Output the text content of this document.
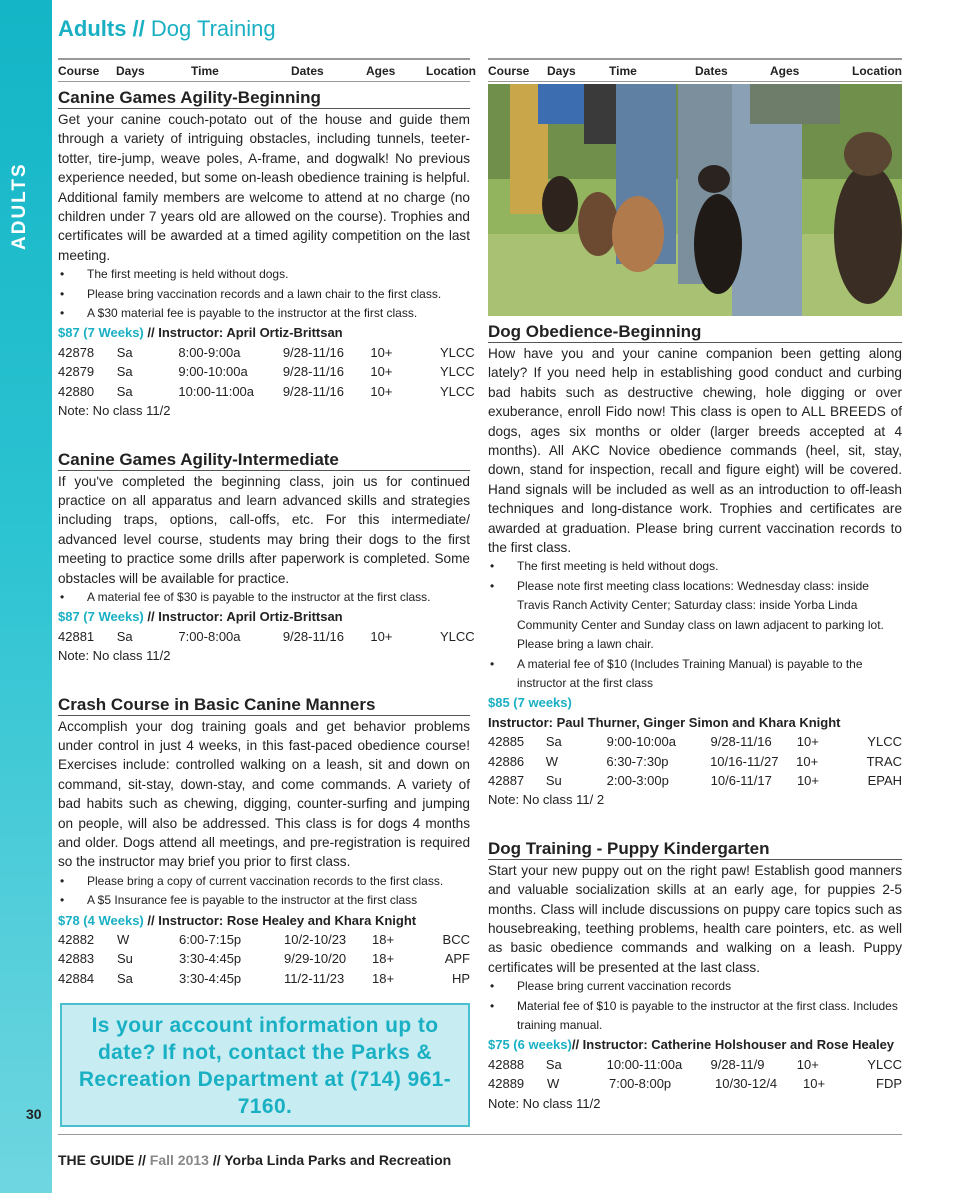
ADULTS
30
Adults // Dog Training
Course	Days	Time	Dates	Ages	Location
Canine Games Agility-Beginning
Get your canine couch-potato out of the house and guide them through a variety of intriguing obstacles, including tunnels, teeter-totter, tire-jump, weave poles, A-frame, and dogwalk! No previous experience needed, but some on-leash obedience training is helpful. Additional family members are welcome to attend at no charge (no children under 7 years old are allowed on the course). Trophies and certificates will be awarded at a timed agility competition on the last meeting.
• The first meeting is held without dogs.
• Please bring vaccination records and a lawn chair to the first class.
• A $30 material fee is payable to the instructor at the first class.
$87 (7 Weeks) // Instructor: April Ortiz-Brittsan
42878	Sa	8:00-9:00a	9/28-11/16	10+	YLCC
42879	Sa	9:00-10:00a	9/28-11/16	10+	YLCC
42880	Sa	10:00-11:00a	9/28-11/16	10+	YLCC
Note: No class 11/2
Canine Games Agility-Intermediate
If you've completed the beginning class, join us for continued practice on all apparatus and learn advanced skills and strategies including traps, options, call-offs, etc. For this intermediate/ advanced level course, students may bring their dogs to the first meeting to practice some drills after paperwork is completed. Some obstacles will be available for practice.
• A material fee of $30 is payable to the instructor at the first class.
$87 (7 Weeks) // Instructor: April Ortiz-Brittsan
42881	Sa	7:00-8:00a	9/28-11/16	10+	YLCC
Note: No class 11/2
Crash Course in Basic Canine Manners
Accomplish your dog training goals and get behavior problems under control in just 4 weeks, in this fast-paced obedience course! Exercises include: controlled walking on a leash, sit and down on command, sit-stay, down-stay, and come commands. A variety of bad habits such as chewing, digging, counter-surfing and jumping on people, will also be addressed. This class is for dogs 4 months and older. Dogs attend all meetings, and pre-registration is required so the instructor may brief you prior to first class.
• Please bring a copy of current vaccination records to the first class.
• A $5 Insurance fee is payable to the instructor at the first class
$78 (4 Weeks) // Instructor: Rose Healey and Khara Knight
42882	W	6:00-7:15p	10/2-10/23	18+	BCC
42883	Su	3:30-4:45p	9/29-10/20	18+	APF
42884	Sa	3:30-4:45p	11/2-11/23	18+	HP
Is your account information up to date? If not, contact the Parks & Recreation Department at (714) 961-7160.
Course	Days	Time	Dates	Ages	Location
Dog Obedience-Beginning
How have you and your canine companion been getting along lately? If you need help in establishing good conduct and curbing bad habits such as destructive chewing, hole digging or over exuberance, enroll Fido now! This class is open to ALL BREEDS of dogs, ages six months or older (larger breeds accepted at 4 months). All AKC Novice obedience commands (heel, sit, stay, down, stand for inspection, recall and figure eight) will be covered. Hand signals will be included as well as an introduction to off-leash techniques and long-distance work. Trophies and certificates are awarded at graduation. Please bring current vaccination records to the first class.
• The first meeting is held without dogs.
• Please note first meeting class locations: Wednesday class: inside Travis Ranch Activity Center; Saturday class: inside Yorba Linda Community Center and Sunday class on lawn adjacent to parking lot. Please bring a lawn chair.
• A material fee of $10 (Includes Training Manual) is payable to the instructor at the first class
$85 (7 weeks)
Instructor: Paul Thurner, Ginger Simon and Khara Knight
42885	Sa	9:00-10:00a	9/28-11/16	10+	YLCC
42886	W	6:30-7:30p	10/16-11/27	10+	TRAC
42887	Su	2:00-3:00p	10/6-11/17	10+	EPAH
Note: No class 11/ 2
Dog Training - Puppy Kindergarten
Start your new puppy out on the right paw! Establish good manners and valuable socialization skills at an early age, for puppies 2-5 months. Class will include discussions on puppy care topics such as housebreaking, teething problems, health care pointers, etc. as well as basic obedience commands and walking on a leash. Puppy certificates will be presented at the last class.
• Please bring current vaccination records
• Material fee of $10 is payable to the instructor at the first class. Includes training manual.
$75 (6 weeks)// Instructor: Catherine Holshouser and Rose Healey
42888	Sa	10:00-11:00a	9/28-11/9	10+	YLCC
42889	W	7:00-8:00p	10/30-12/4	10+	FDP
Note: No class 11/2
THE GUIDE // Fall 2013 // Yorba Linda Parks and Recreation
